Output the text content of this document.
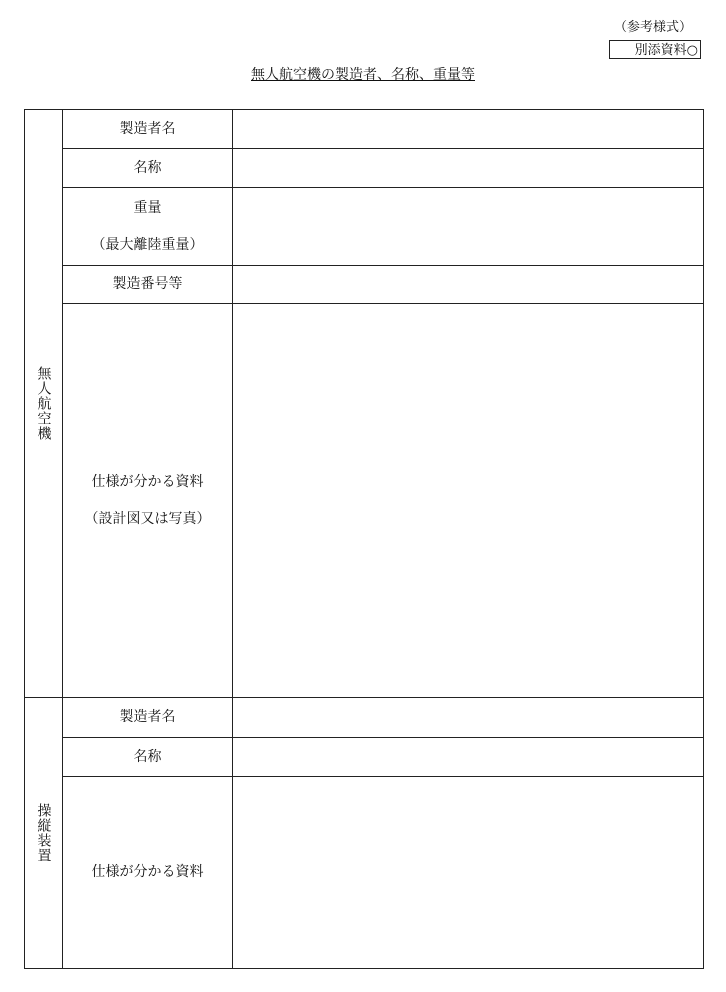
（参考様式）
別添資料○
無人航空機の製造者、名称、重量等
無人航空機	製造者名	

	名称	

	重量
（最大離陸重量）	

	製造番号等	

	仕様が分かる資料
（設計図又は写真）	

操縦装置	製造者名	

	名称	

	仕様が分かる資料	
